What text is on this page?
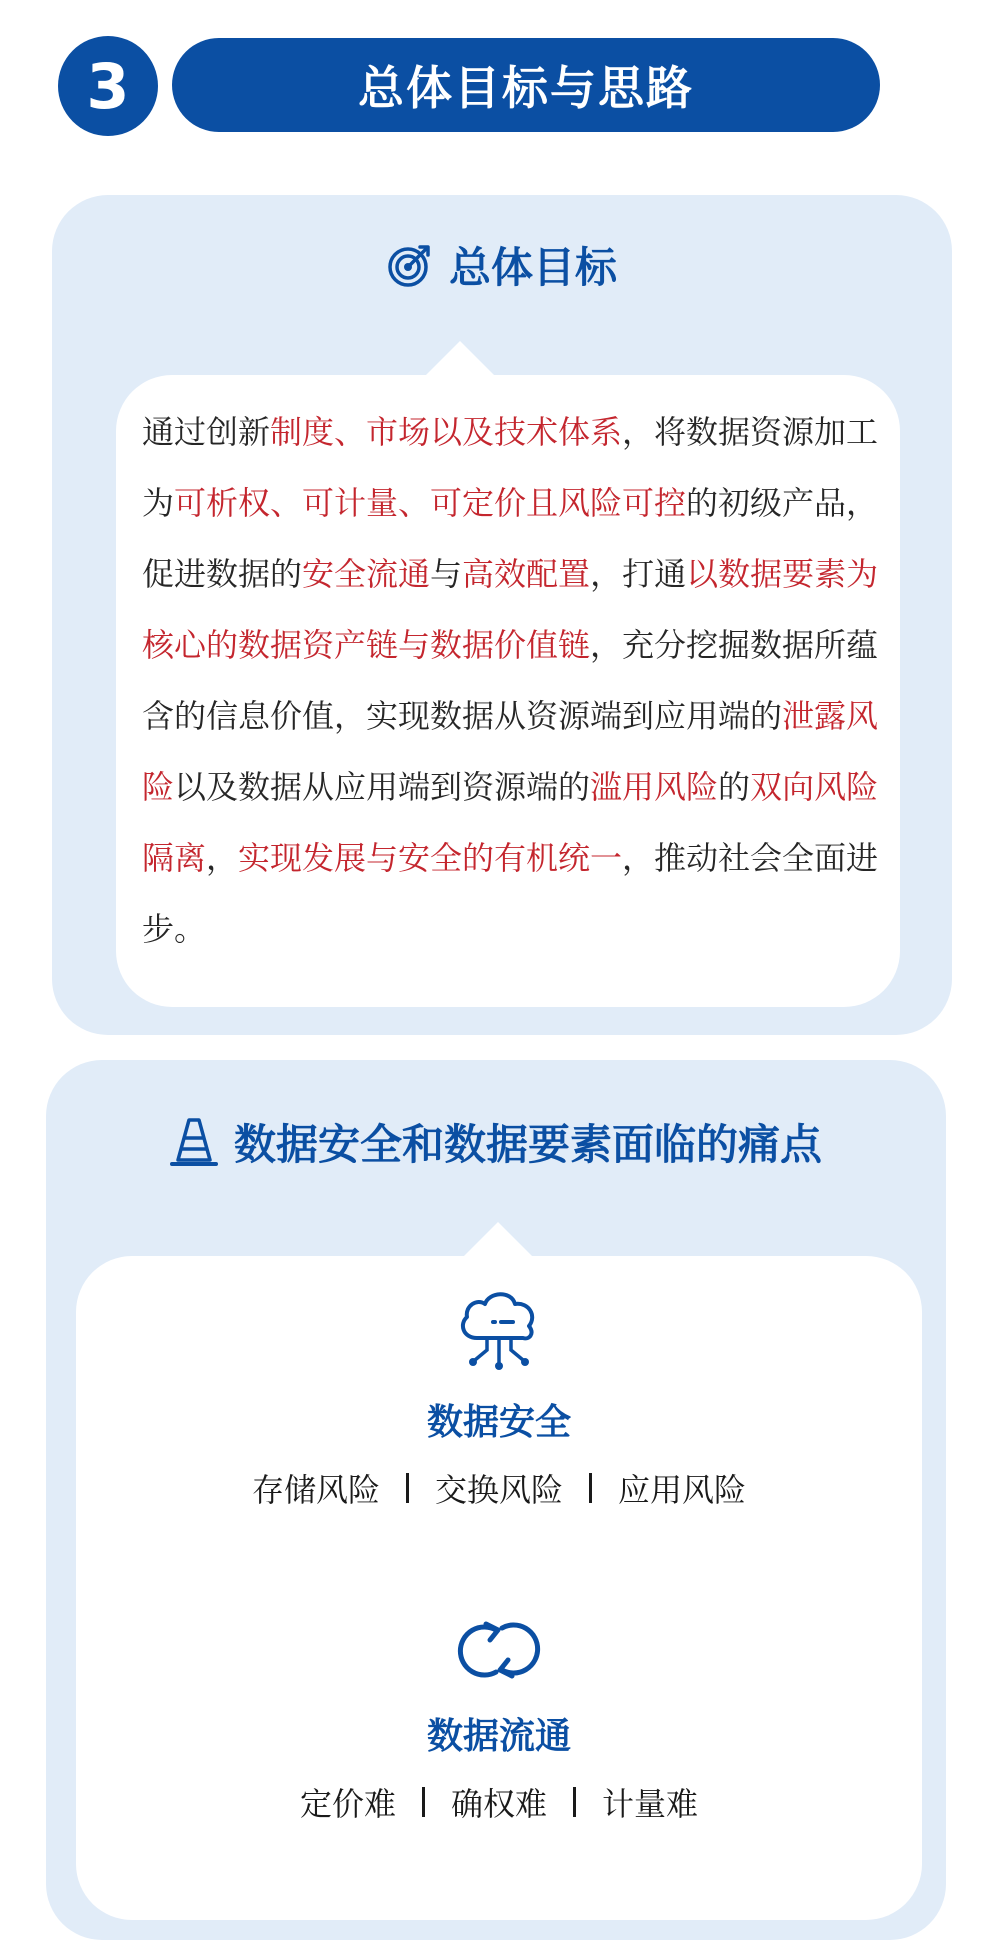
3	总体目标与思路
总体目标
通过创新制度、市场以及技术体系，将数据资源加工为可析权、可计量、可定价且风险可控的初级产品，促进数据的安全流通与高效配置，打通以数据要素为核心的数据资产链与数据价值链，充分挖掘数据所蕴含的信息价值，实现数据从资源端到应用端的泄露风险以及数据从应用端到资源端的滥用风险的双向风险隔离，实现发展与安全的有机统一，推动社会全面进步。
数据安全和数据要素面临的痛点
数据安全
存储风险 交换风险 应用风险
数据流通
定价难 确权难 计量难
